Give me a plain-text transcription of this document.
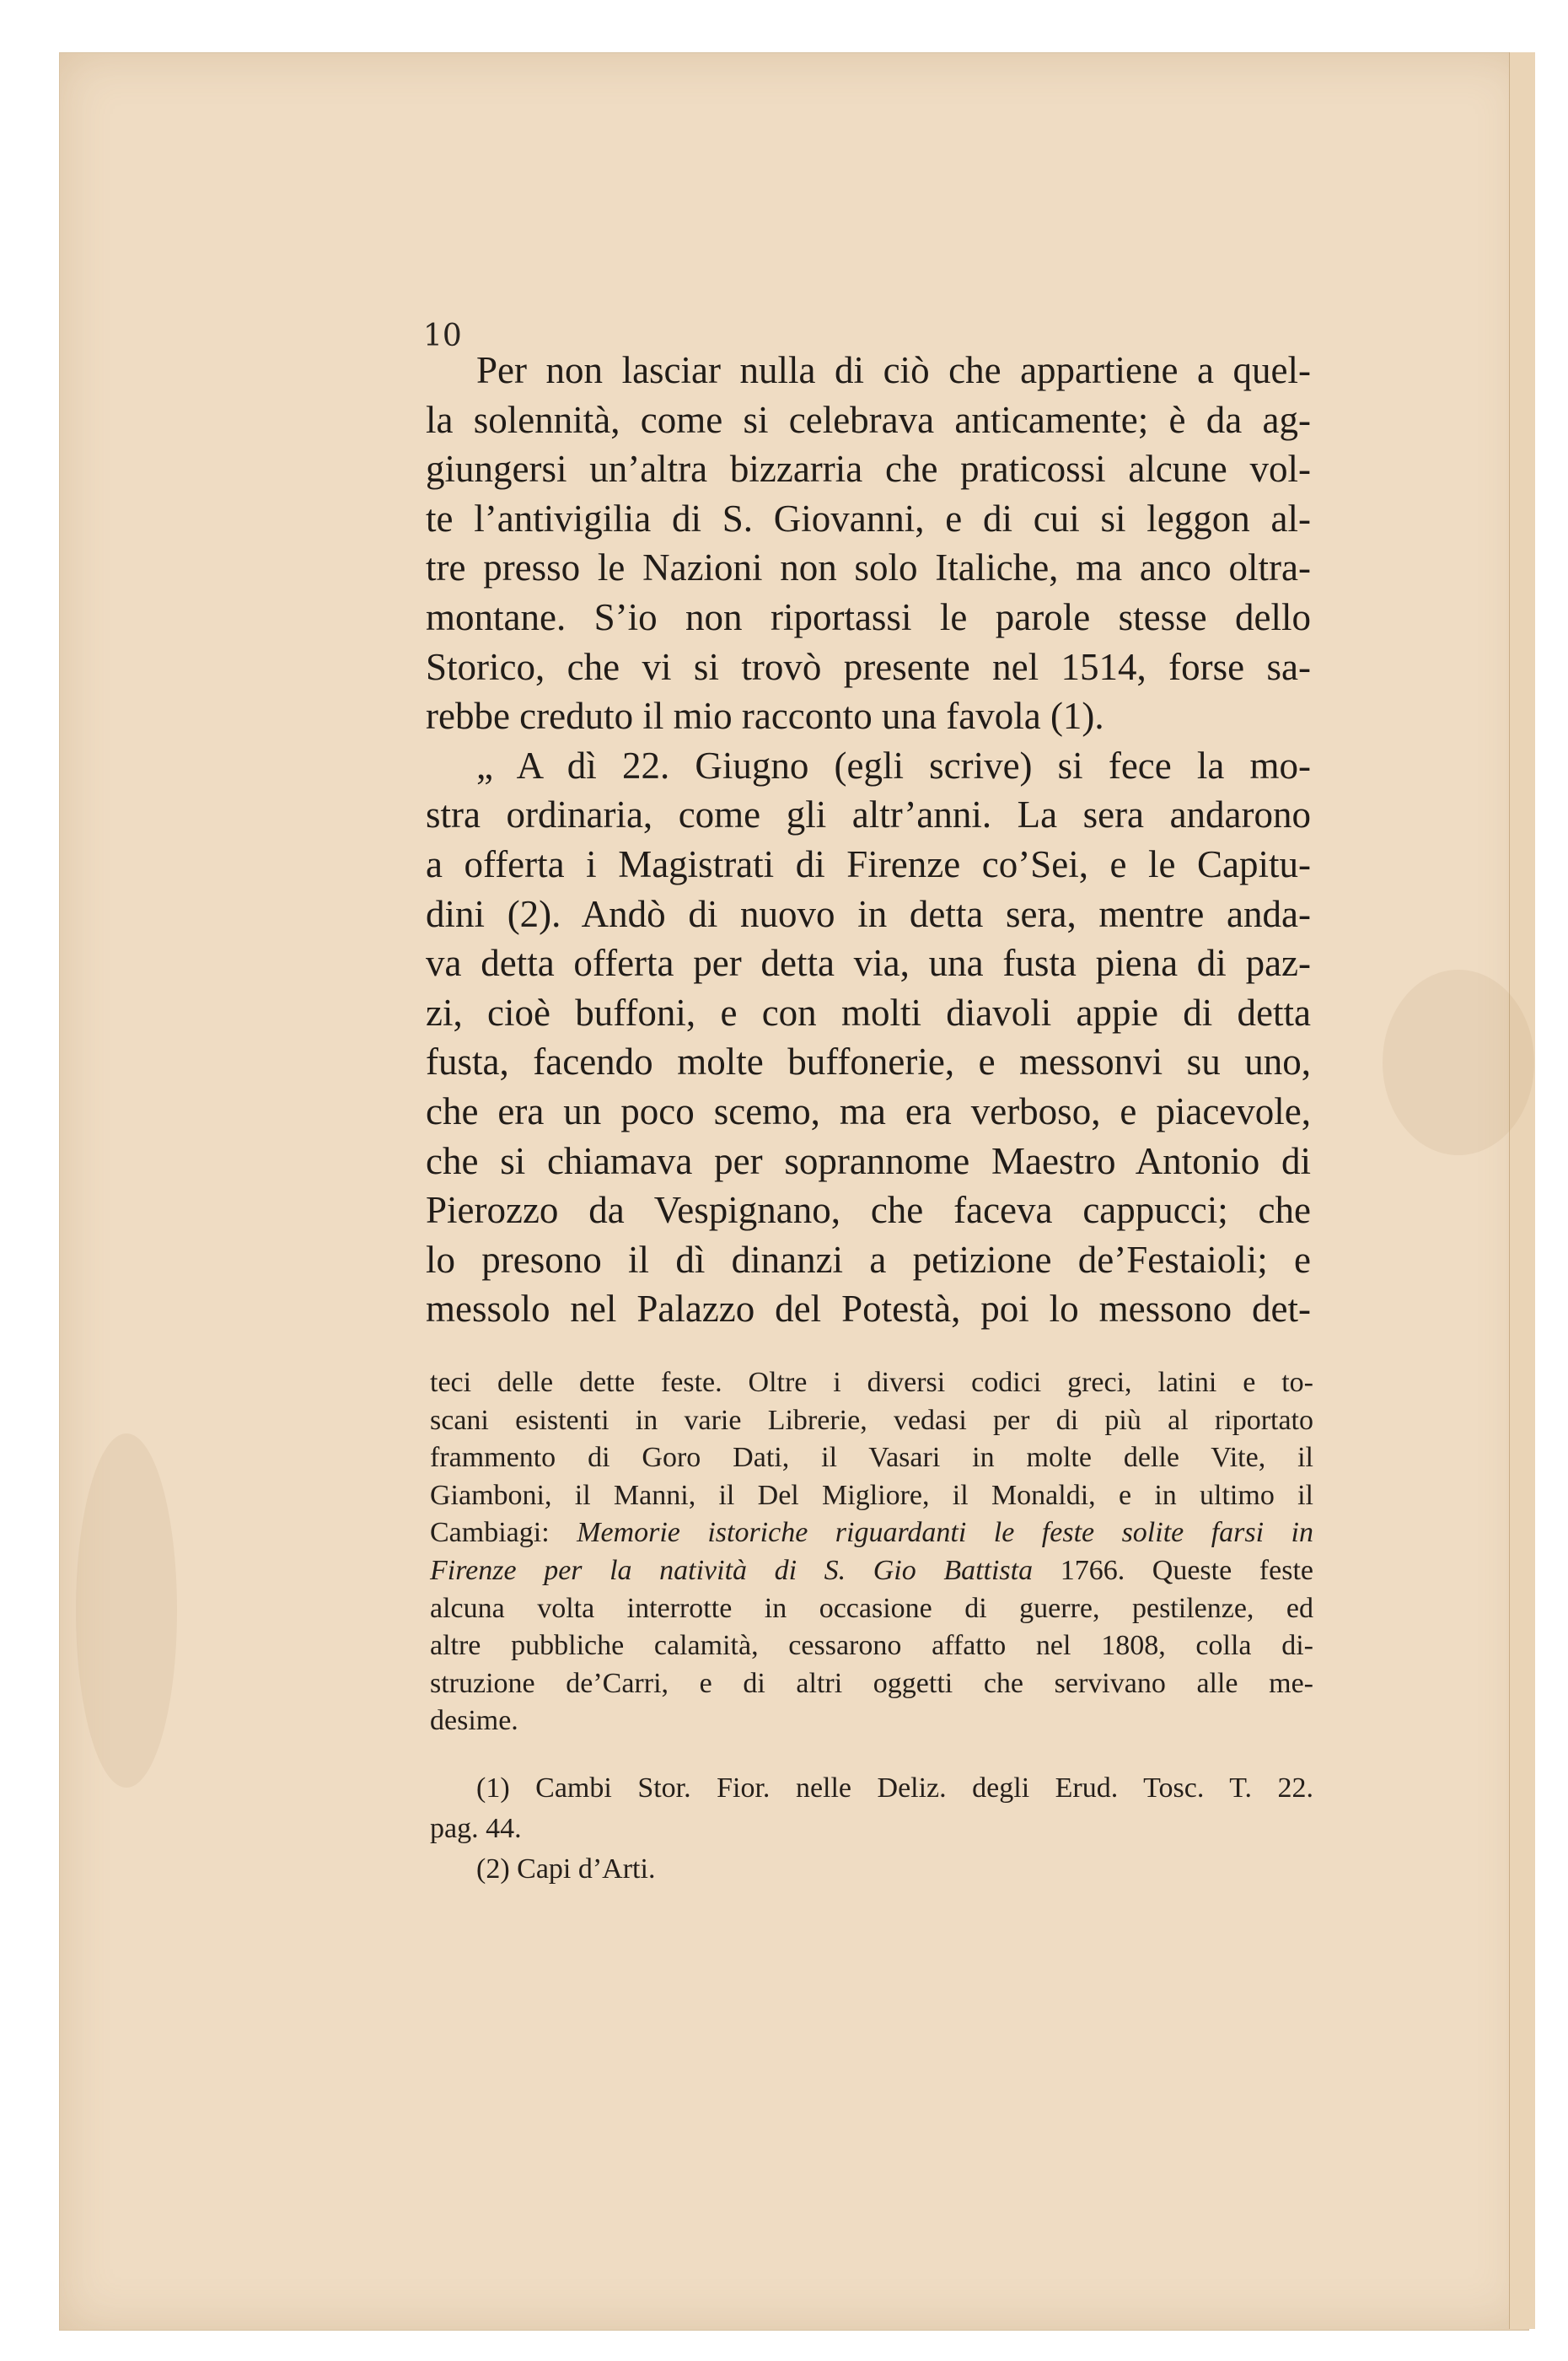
10
Per non lasciar nulla di ciò che appartiene a quel-
la solennità, come si celebrava anticamente; è da ag-
giungersi un’altra bizzarria che praticossi alcune vol-
te l’antivigilia di S. Giovanni, e di cui si leggon al-
tre presso le Nazioni non solo Italiche, ma anco oltra-
montane. S’io non riportassi le parole stesse dello
Storico, che vi si trovò presente nel 1514, forse sa-
rebbe creduto il mio racconto una favola (1).
„ A dì 22. Giugno (egli scrive) si fece la mo-
stra ordinaria, come gli altr’anni. La sera andarono
a offerta i Magistrati di Firenze co’Sei, e le Capitu-
dini (2). Andò di nuovo in detta sera, mentre anda-
va detta offerta per detta via, una fusta piena di paz-
zi, cioè buffoni, e con molti diavoli appie di detta
fusta, facendo molte buffonerie, e messonvi su uno,
che era un poco scemo, ma era verboso, e piacevole,
che si chiamava per soprannome Maestro Antonio di
Pierozzo da Vespignano, che faceva cappucci; che
lo presono il dì dinanzi a petizione de’Festaioli; e
messolo nel Palazzo del Potestà, poi lo messono det-
teci delle dette feste. Oltre i diversi codici greci, latini e to-
scani esistenti in varie Librerie, vedasi per di più al riportato
frammento di Goro Dati, il Vasari in molte delle Vite, il
Giamboni, il Manni, il Del Migliore, il Monaldi, e in ultimo il
Cambiagi: Memorie istoriche riguardanti le feste solite farsi in
Firenze per la natività di S. Gio Battista 1766. Queste feste
alcuna volta interrotte in occasione di guerre, pestilenze, ed
altre pubbliche calamità, cessarono affatto nel 1808, colla di-
struzione de’Carri, e di altri oggetti che servivano alle me-
desime.
(1) Cambi Stor. Fior. nelle Deliz. degli Erud. Tosc. T. 22.
pag. 44.
(2) Capi d’Arti.
